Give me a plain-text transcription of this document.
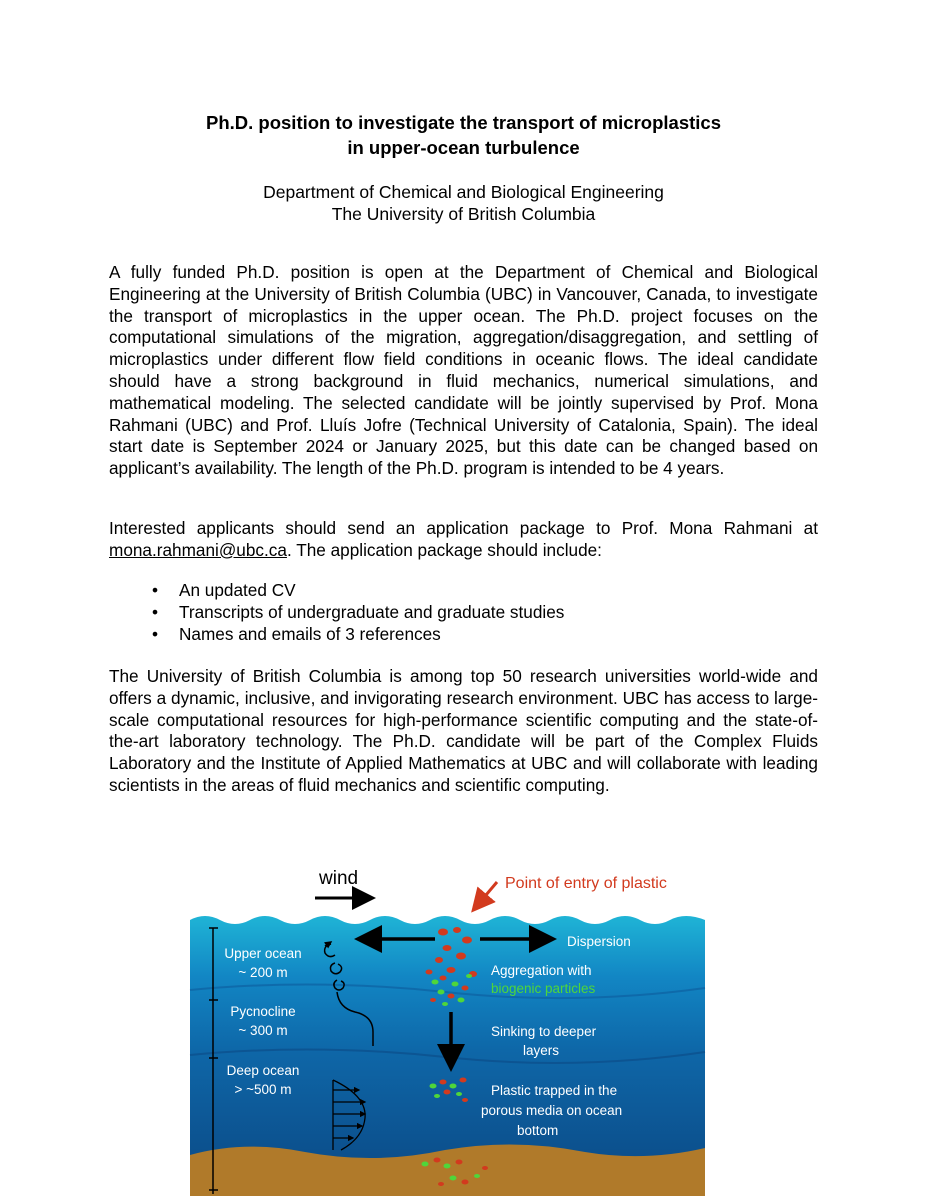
Ph.D. position to investigate the transport of microplastics
in upper-ocean turbulence
Department of Chemical and Biological Engineering
The University of British Columbia

A fully funded Ph.D. position is open at the Department of Chemical and Biological Engineering at the University of British Columbia (UBC) in Vancouver, Canada, to investigate the transport of microplastics in the upper ocean. The Ph.D. project focuses on the computational simulations of the migration, aggregation/disaggregation, and settling of microplastics under different flow field conditions in oceanic flows. The ideal candidate should have a strong background in fluid mechanics, numerical simulations, and mathematical modeling. The selected candidate will be jointly supervised by Prof. Mona Rahmani (UBC) and Prof. Lluís Jofre (Technical University of Catalonia, Spain). The ideal start date is September 2024 or January 2025, but this date can be changed based on applicant’s availability. The length of the Ph.D. program is intended to be 4 years.

Interested applicants should send an application package to Prof. Mona Rahmani at mona.rahmani@ubc.ca. The application package should include:

• An updated CV
• Transcripts of undergraduate and graduate studies
• Names and emails of 3 references

The University of British Columbia is among top 50 research universities world-wide and offers a dynamic, inclusive, and invigorating research environment. UBC has access to large-scale computational resources for high-performance scientific computing and the state-of-the-art laboratory technology. The Ph.D. candidate will be part of the Complex Fluids Laboratory and the Institute of Applied Mathematics at UBC and will collaborate with leading scientists in the areas of fluid mechanics and scientific computing.

Upper ocean
~ 200 m
Pycnocline
~ 300 m
Deep ocean
> ~500 m
wind	Point of entry of plastic
Dispersion
Aggregation with
biogenic particles
Sinking to deeper
layers
Plastic trapped in the
porous media on ocean
bottom
